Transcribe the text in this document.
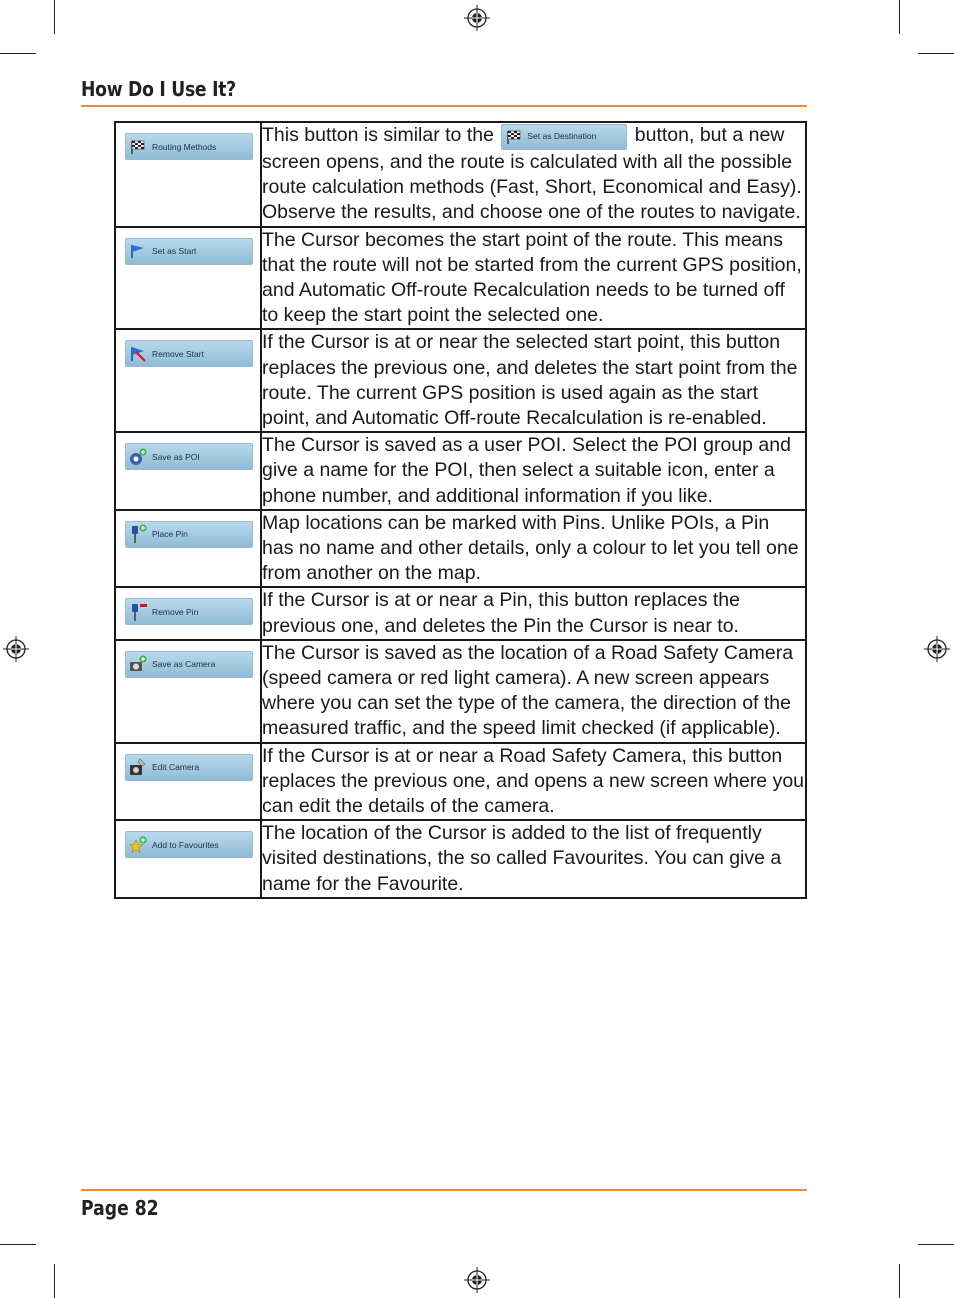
How Do I Use It?
Routing Methods	This button is similar to the Set as Destination button, but a new screen opens, and the route is calculated with all the possible route calculation methods (Fast, Short, Economical and Easy). Observe the results, and choose one of the routes to navigate.

Set as Start	The Cursor becomes the start point of the route. This means that the route will not be started from the current GPS position, and Automatic Off-route Recalculation needs to be turned off to keep the start point the selected one.

Remove Start	If the Cursor is at or near the selected start point, this button replaces the previous one, and deletes the start point from the route. The current GPS position is used again as the start point, and Automatic Off-route Recalculation is re-enabled.

Save as POI	The Cursor is saved as a user POI. Select the POI group and give a name for the POI, then select a suitable icon, enter a phone number, and additional information if you like.

Place Pin	Map locations can be marked with Pins. Unlike POIs, a Pin has no name and other details, only a colour to let you tell one from another on the map.

Remove Pin	If the Cursor is at or near a Pin, this button replaces the previous one, and deletes the Pin the Cursor is near to.

Save as Camera	The Cursor is saved as the location of a Road Safety Camera (speed camera or red light camera). A new screen appears where you can set the type of the camera, the direction of the measured traffic, and the speed limit checked (if applicable).

Edit Camera	If the Cursor is at or near a Road Safety Camera, this button replaces the previous one, and opens a new screen where you can edit the details of the camera.

Add to Favourites	The location of the Cursor is added to the list of frequently visited destinations, the so called Favourites. You can give a name for the Favourite.
Page 82
